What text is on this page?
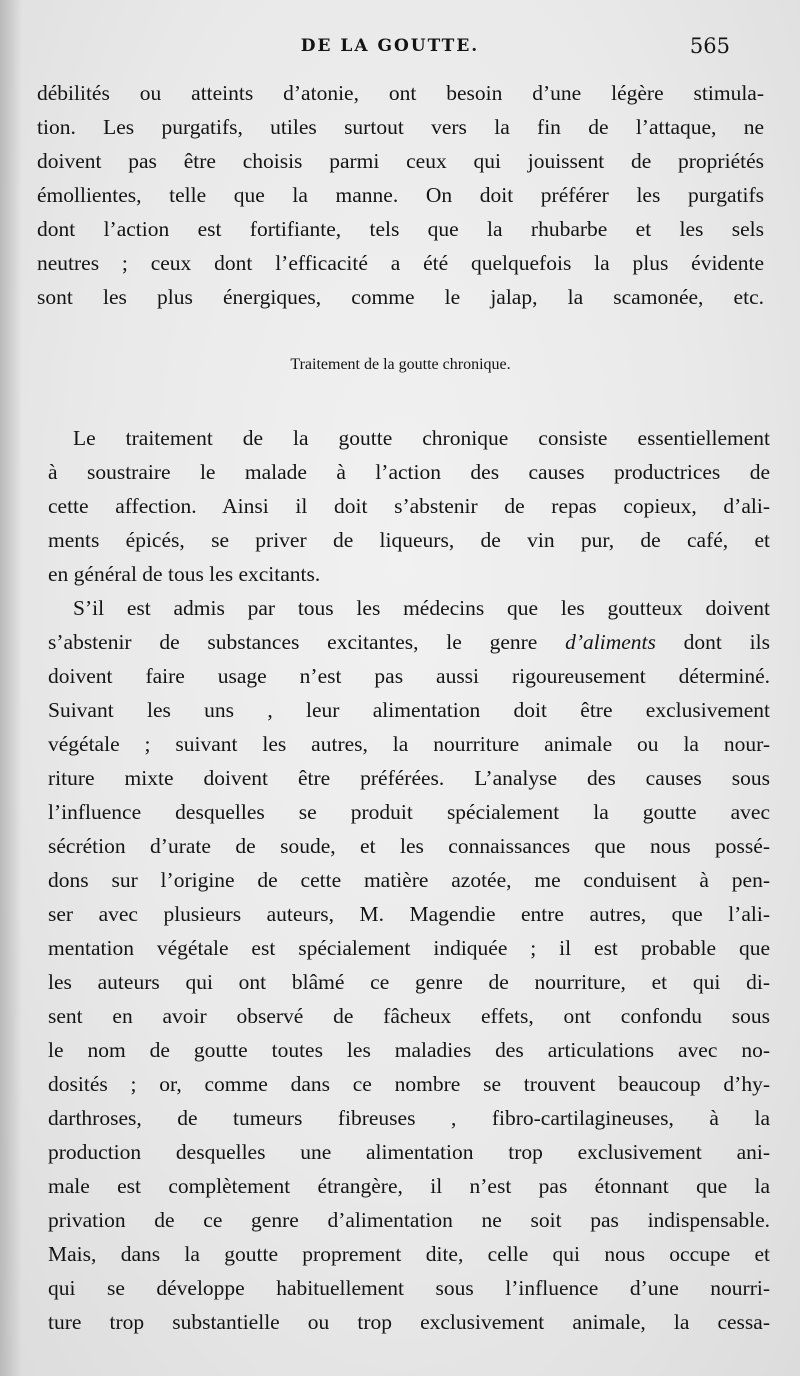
DE LA GOUTTE.	565
débilités ou atteints d’atonie, ont besoin d’une légère stimula-
tion. Les purgatifs, utiles surtout vers la fin de l’attaque, ne
doivent pas être choisis parmi ceux qui jouissent de propriétés
émollientes, telle que la manne. On doit préférer les purgatifs
dont l’action est fortifiante, tels que la rhubarbe et les sels
neutres ; ceux dont l’efficacité a été quelquefois la plus évidente
sont les plus énergiques, comme le jalap, la scamonée, etc.
Traitement de la goutte chronique.
Le traitement de la goutte chronique consiste essentiellement
à soustraire le malade à l’action des causes productrices de
cette affection. Ainsi il doit s’abstenir de repas copieux, d’ali-
ments épicés, se priver de liqueurs, de vin pur, de café, et
en général de tous les excitants.
S’il est admis par tous les médecins que les goutteux doivent
s’abstenir de substances excitantes, le genre d’aliments dont ils
doivent faire usage n’est pas aussi rigoureusement déterminé.
Suivant les uns , leur alimentation doit être exclusivement
végétale ; suivant les autres, la nourriture animale ou la nour-
riture mixte doivent être préférées. L’analyse des causes sous
l’influence desquelles se produit spécialement la goutte avec
sécrétion d’urate de soude, et les connaissances que nous possé-
dons sur l’origine de cette matière azotée, me conduisent à pen-
ser avec plusieurs auteurs, M. Magendie entre autres, que l’ali-
mentation végétale est spécialement indiquée ; il est probable que
les auteurs qui ont blâmé ce genre de nourriture, et qui di-
sent en avoir observé de fâcheux effets, ont confondu sous
le nom de goutte toutes les maladies des articulations avec no-
dosités ; or, comme dans ce nombre se trouvent beaucoup d’hy-
darthroses, de tumeurs fibreuses , fibro-cartilagineuses, à la
production desquelles une alimentation trop exclusivement ani-
male est complètement étrangère, il n’est pas étonnant que la
privation de ce genre d’alimentation ne soit pas indispensable.
Mais, dans la goutte proprement dite, celle qui nous occupe et
qui se développe habituellement sous l’influence d’une nourri-
ture trop substantielle ou trop exclusivement animale, la cessa-
